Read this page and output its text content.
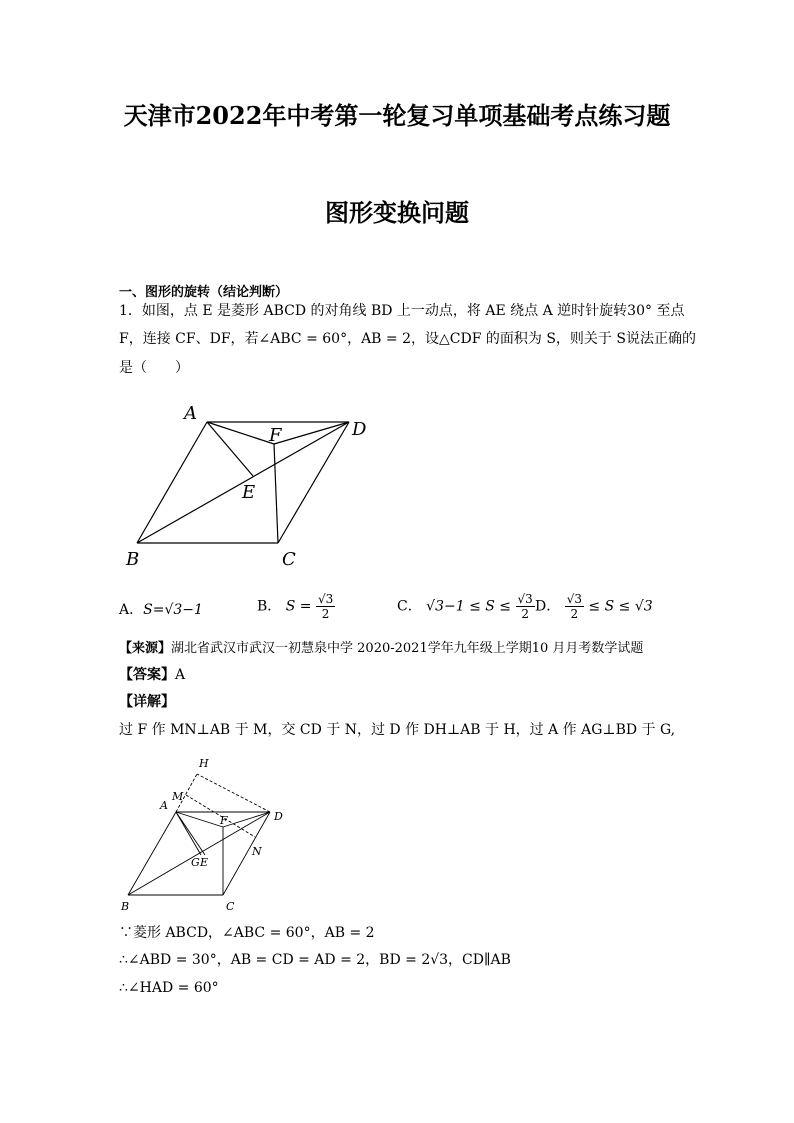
天津市2022年中考第一轮复习单项基础考点练习题
图形变换问题
一、图形的旋转（结论判断）
1．如图，点 E 是菱形 ABCD 的对角线 BD 上一动点，将 AE 绕点 A 逆时针旋转30° 至点
F，连接 CF、DF，若∠ABC = 60°，AB = 2，设△CDF 的面积为 S，则关于 S说法正确的
是（　　）
A
B	C
D
E
F
A．S=√3−1	B． $S = \frac{√3}{2}$	C． $√3-1 \le S \le \frac{√3}{2}$ D． $\frac{√3}{2} \le S \le √3$
【来源】湖北省武汉市武汉一初慧泉中学 2020-2021学年九年级上学期10 月月考数学试题
【答案】A
【详解】
过 F 作 MN⊥AB 于 M，交 CD 于 N，过 D 作 DH⊥AB 于 H，过 A 作 AG⊥BD 于 G,
H
M
A
F	D
N
G E
B	C
∵菱形 ABCD，∠ABC = 60°，AB = 2
∴∠ABD = 30°，AB = CD = AD = 2，BD = 2√3，CD∥AB
∴∠HAD = 60°
